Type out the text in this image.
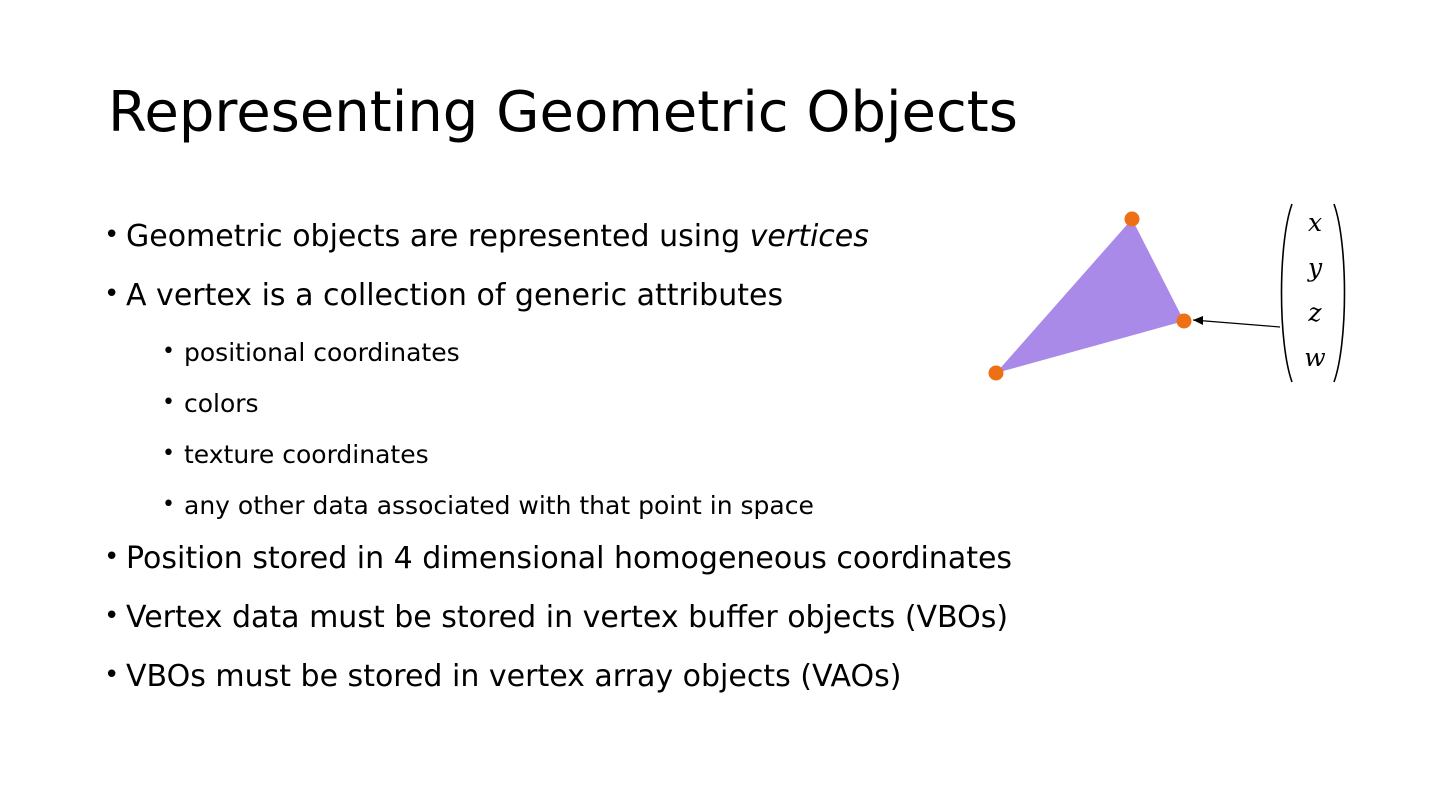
Representing Geometric Objects
• Geometric objects are represented using vertices
• A vertex is a collection of generic attributes
• positional coordinates
• colors
• texture coordinates
• any other data associated with that point in space
• Position stored in 4 dimensional homogeneous coordinates
• Vertex data must be stored in vertex buffer objects (VBOs)
• VBOs must be stored in vertex array objects (VAOs)
x
y
z
w
